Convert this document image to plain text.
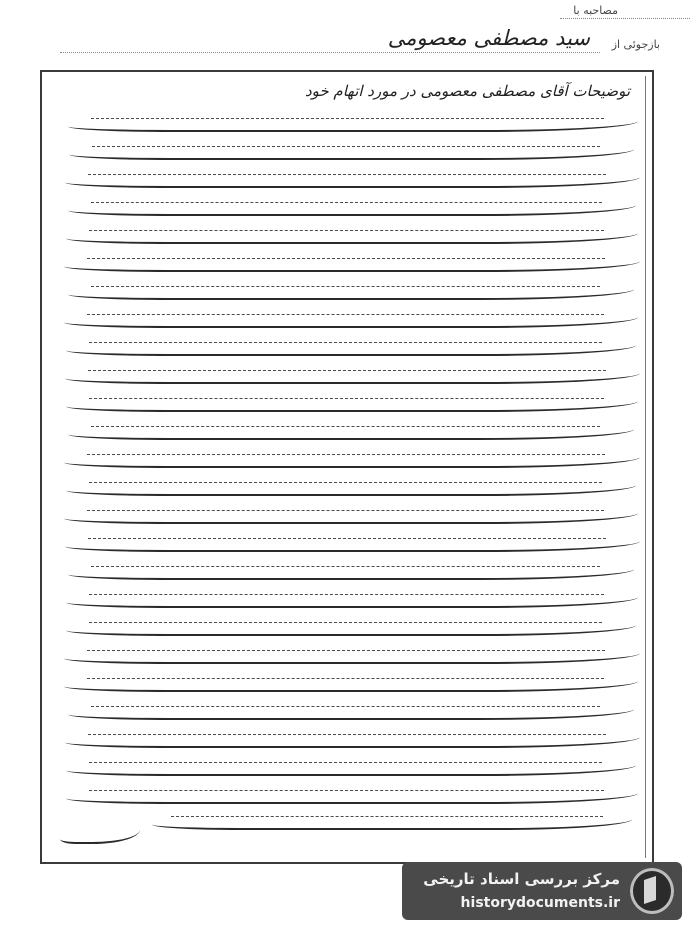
مصاحبه با
سید مصطفی معصومی بازجوئی از
توضیحات آقای مصطفی معصومی در مورد اتهام خود
مرکز بررسی اسناد تاریخی
historydocuments.ir
